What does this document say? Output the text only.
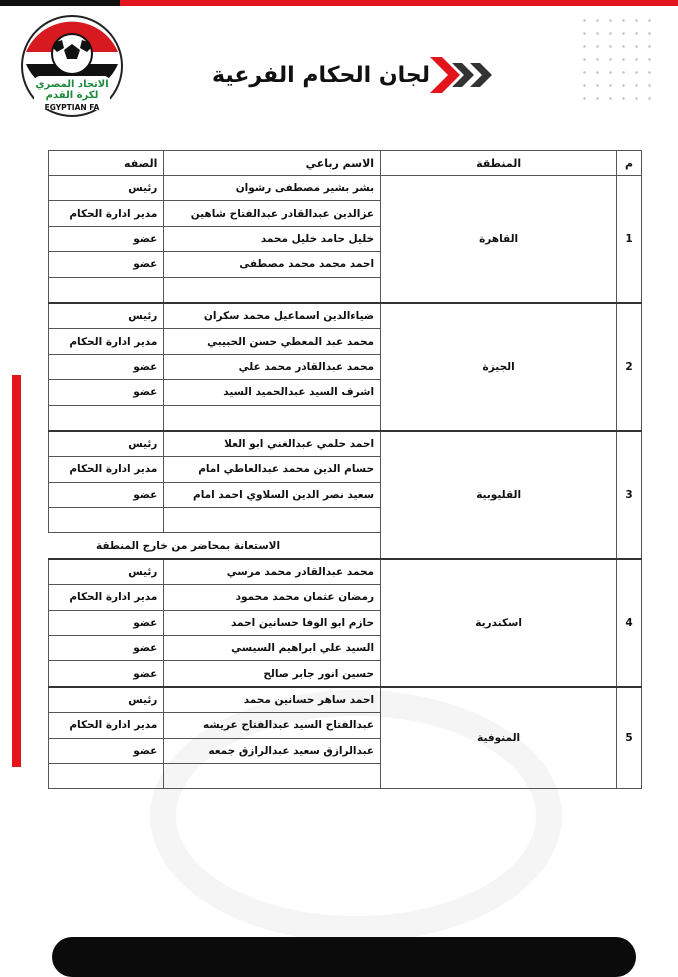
الاتحاد المصري
لكرة القدم
EGYPTIAN FA
لجان الحكام الفرعية
الصفه	الاسم رباعي	المنطقة	م
رئيس	بشر بشير مصطفى رشوان	القاهرة	1
مدير ادارة الحكام	عزالدين عبدالقادر عبدالفتاح شاهين		
عضو	خليل حامد خليل محمد		
عضو	احمد محمد محمد مصطفى		

رئيس	ضياءالدين اسماعيل محمد سكران	الجيزة	2
مدير ادارة الحكام	محمد عبد المعطي حسن الحبيبي		
عضو	محمد عبدالقادر محمد علي		
عضو	اشرف السيد عبدالحميد السيد		

رئيس	احمد حلمي عبدالغني ابو العلا	القليوبية	3
مدير ادارة الحكام	حسام الدين محمد عبدالعاطي امام		
عضو	سعيد نصر الدين السلاوي احمد امام		

الاستعانة بمحاضر من خارج المنطقة			
رئيس	محمد عبدالقادر محمد مرسي	اسكندرية	4
مدير ادارة الحكام	رمضان عثمان محمد محمود		
عضو	حازم ابو الوفا حسانين احمد		
عضو	السيد علي ابراهيم السيسي		
عضو	حسين انور جابر صالح		
رئيس	احمد ساهر حسانين محمد	المنوفية	5
مدير ادارة الحكام	عبدالفتاح السيد عبدالفتاح عريشه		
عضو	عبدالرازق سعيد عبدالرازق جمعه		
